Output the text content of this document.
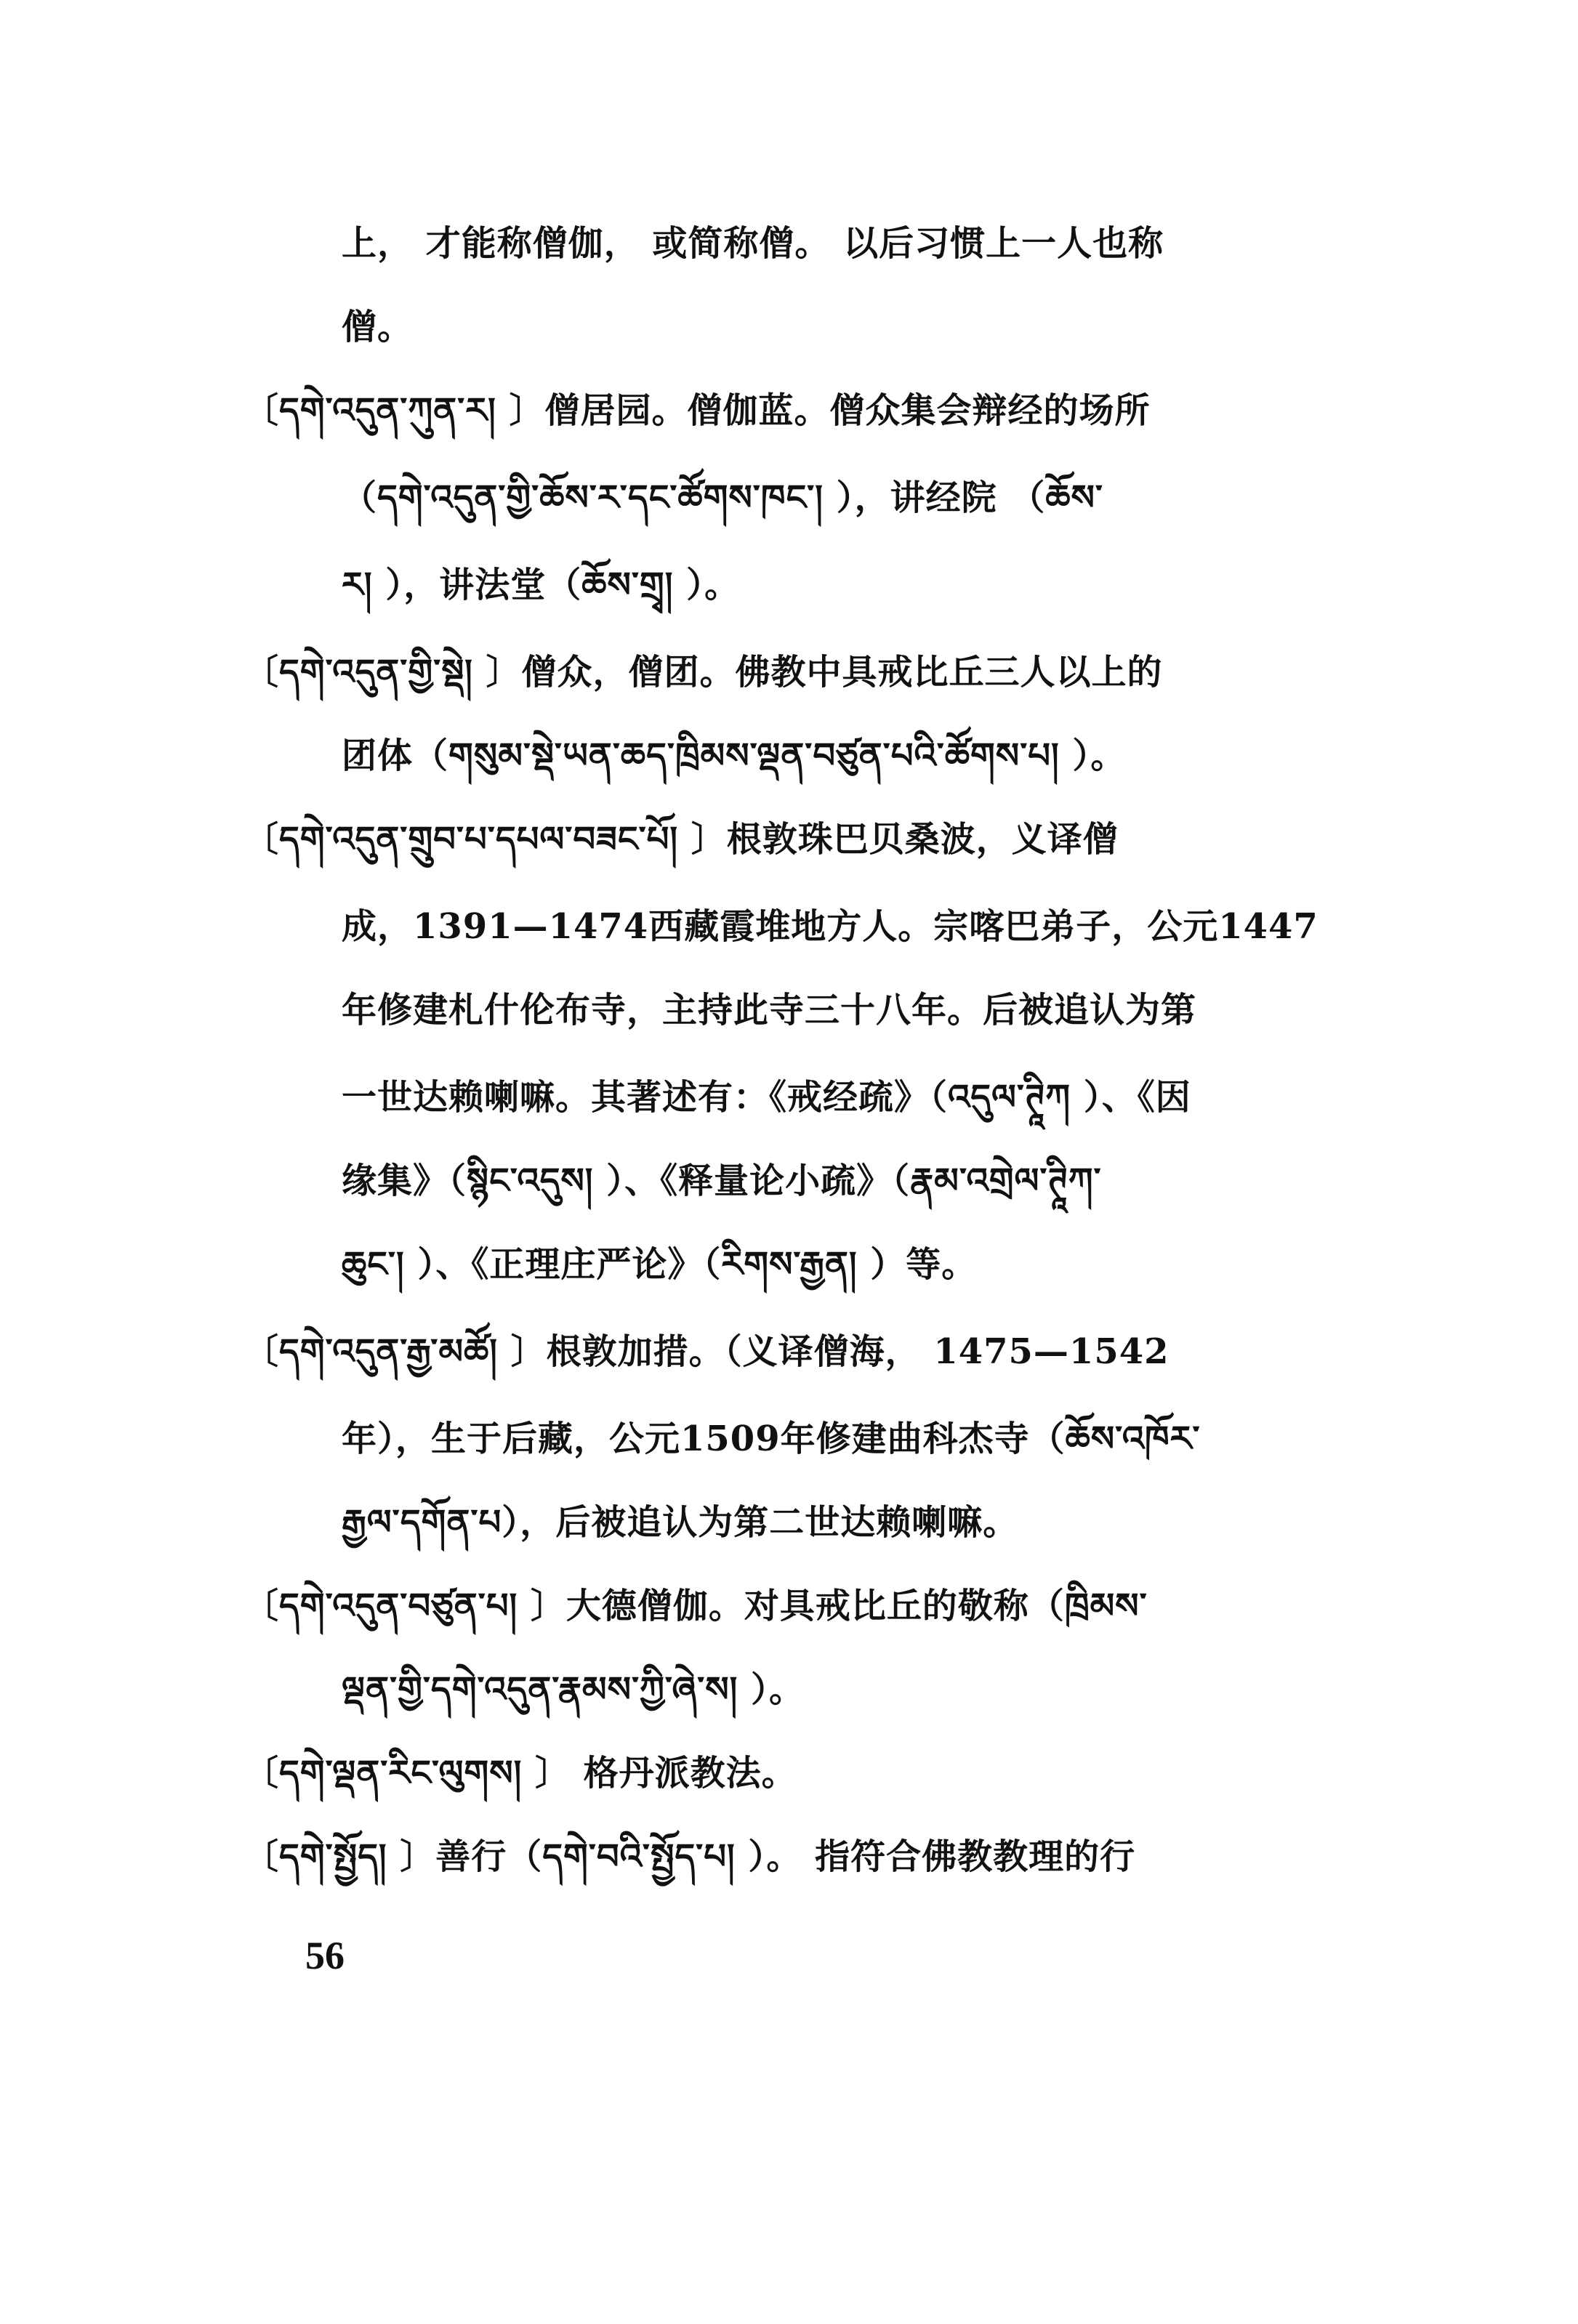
上， 才能称僧伽， 或简称僧。 以后习惯上一人也称
僧。
〔དགེ་འདུན་ཀུན་ར། 〕僧居园。僧伽蓝。僧众集会辩经的场所
（དགེ་འདུན་གྱི་ཆོས་ར་དང་ཚོགས་ཁང་། ），讲经院 （ཆོས་
ར། ），讲法堂（ཆོས་གྲྭ། ）。
〔དགེ་འདུན་གྱི་སྡེ། 〕僧众，僧团。佛教中具戒比丘三人以上的
团体（གསུམ་སྡེ་ཡན་ཆད་ཁྲིམས་ལྡན་བཙུན་པའི་ཚོགས་པ། ）。
〔དགེ་འདུན་གྲུབ་པ་དཔལ་བཟང་པོ། 〕根敦珠巴贝桑波，义译僧
成，1391—1474西藏霞堆地方人。宗喀巴弟子，公元1447
年修建札什伦布寺，主持此寺三十八年。后被追认为第
一世达赖喇嘛。其著述有：《戒经疏》（འདུལ་ཊཱིཀ ）、《因
缘集》（སྙིང་འདུས། ）、《释量论小疏》（རྣམ་འགྲེལ་ཊཱིཀ་
ཆུང་། ）、《正理庄严论》（རིགས་རྒྱན། ）等。
〔དགེ་འདུན་རྒྱ་མཚོ། 〕根敦加措。（义译僧海， 1475—1542
年），生于后藏，公元1509年修建曲科杰寺（ཆོས་འཁོར་
རྒྱལ་དགོན་པ），后被追认为第二世达赖喇嘛。
〔དགེ་འདུན་བཙུན་པ། 〕大德僧伽。对具戒比丘的敬称（ཁྲིམས་
ལྡན་གྱི་དགེ་འདུན་རྣམས་ཀྱི་ཞེ་ས། ）。
〔དགེ་ལྡན་རིང་ལུགས། 〕 格丹派教法。
〔དགེ་སྤྱོད། 〕善行（དགེ་བའི་སྤྱོད་པ། ）。 指符合佛教教理的行
56
